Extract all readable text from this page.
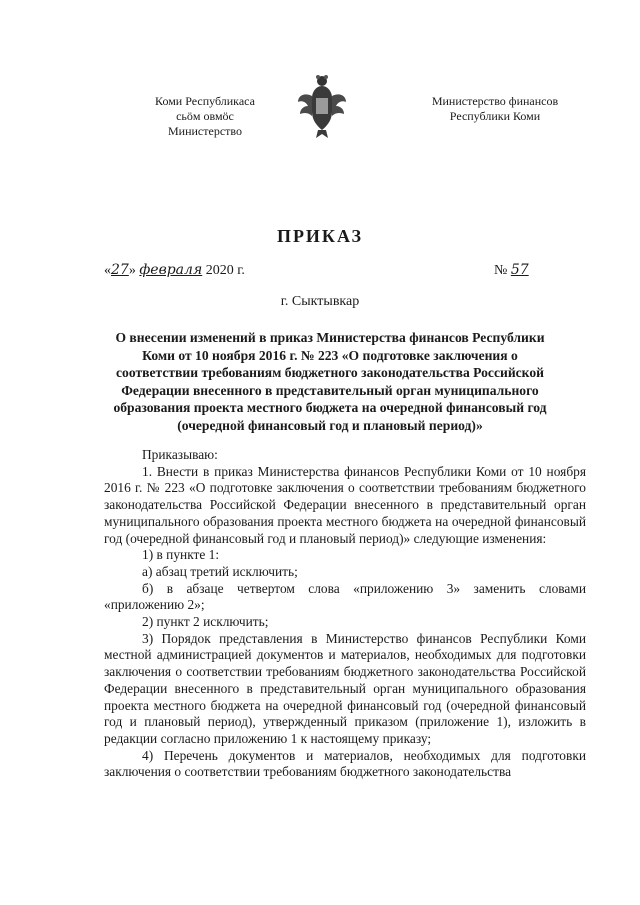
Коми Республикаса
сьӧм овмӧс
Министерство
Министерство финансов
Республики Коми
ПРИКАЗ
«27» февраля 2020 г.	№ 57
г. Сыктывкар
О внесении изменений в приказ Министерства финансов Республики Коми от 10 ноября 2016 г. № 223 «О подготовке заключения о соответствии требованиям бюджетного законодательства Российской Федерации внесенного в представительный орган муниципального образования проекта местного бюджета на очередной финансовый год (очередной финансовый год и плановый период)»

Приказываю:

1. Внести в приказ Министерства финансов Республики Коми от 10 ноября 2016 г. № 223 «О подготовке заключения о соответствии требованиям бюджетного законодательства Российской Федерации внесенного в представительный орган муниципального образования проекта местного бюджета на очередной финансовый год (очередной финансовый год и плановый период)» следующие изменения:

1) в пункте 1:

а) абзац третий исключить;

б) в абзаце четвертом слова «приложению 3» заменить словами «приложению 2»;

2) пункт 2 исключить;

3) Порядок представления в Министерство финансов Республики Коми местной администрацией документов и материалов, необходимых для подготовки заключения о соответствии требованиям бюджетного законодательства Российской Федерации внесенного в представительный орган муниципального образования проекта местного бюджета на очередной финансовый год (очередной финансовый год и плановый период), утвержденный приказом (приложение 1), изложить в редакции согласно приложению 1 к настоящему приказу;

4) Перечень документов и материалов, необходимых для подготовки заключения о соответствии требованиям бюджетного законодательства
